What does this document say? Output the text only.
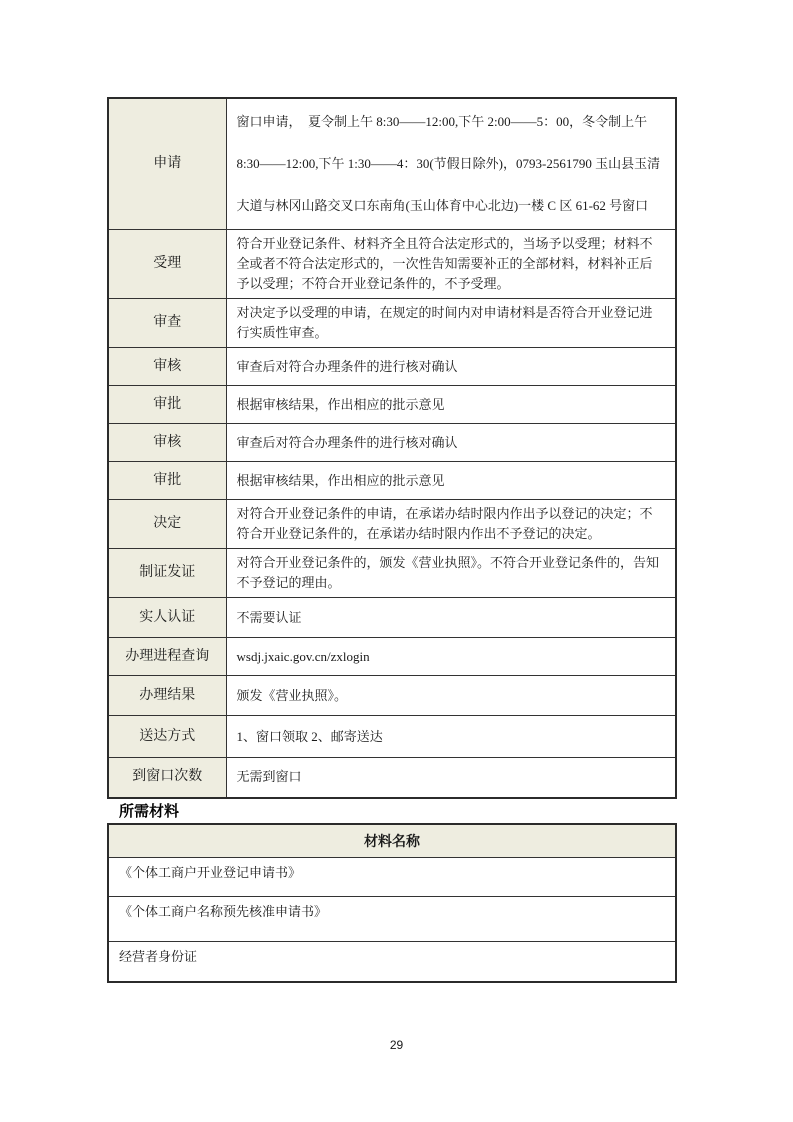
申请	窗口申请，　夏令制上午 8:30——12:00,下午 2:00——5：00，冬令制上午 8:30——12:00,下午 1:30——4：30(节假日除外)，0793-2561790 玉山县玉清大道与林冈山路交叉口东南角(玉山体育中心北边)一楼 C 区 61-62 号窗口
受理	符合开业登记条件、材料齐全且符合法定形式的，当场予以受理；材料不全或者不符合法定形式的，一次性告知需要补正的全部材料，材料补正后予以受理；不符合开业登记条件的，不予受理。
审查	对决定予以受理的申请，在规定的时间内对申请材料是否符合开业登记进行实质性审查。
审核	审查后对符合办理条件的进行核对确认
审批	根据审核结果，作出相应的批示意见
审核	审查后对符合办理条件的进行核对确认
审批	根据审核结果，作出相应的批示意见
决定	对符合开业登记条件的申请，在承诺办结时限内作出予以登记的决定；不符合开业登记条件的，在承诺办结时限内作出不予登记的决定。
制证发证	对符合开业登记条件的，颁发《营业执照》。不符合开业登记条件的，告知不予登记的理由。
实人认证	不需要认证
办理进程查询	wsdj.jxaic.gov.cn/zxlogin
办理结果	颁发《营业执照》。
送达方式	1、窗口领取 2、邮寄送达
到窗口次数	无需到窗口
所需材料
材料名称
《个体工商户开业登记申请书》
《个体工商户名称预先核准申请书》
经营者身份证
29
